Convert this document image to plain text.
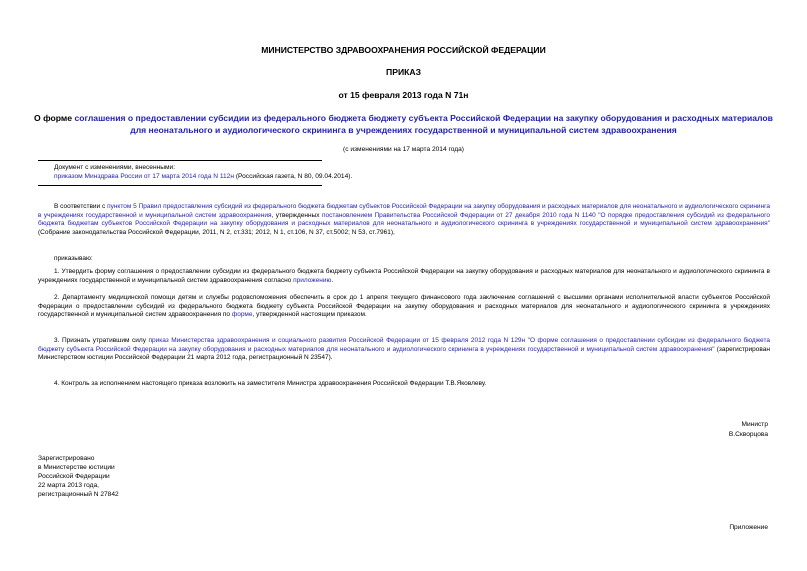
МИНИСТЕРСТВО ЗДРАВООХРАНЕНИЯ РОССИЙСКОЙ ФЕДЕРАЦИИ
ПРИКАЗ
от 15 февраля 2013 года N 71н
О форме соглашения о предоставлении субсидии из федерального бюджета бюджету субъекта Российской Федерации на закупку оборудования и расходных материалов для неонатального и аудиологического скрининга в учреждениях государственной и муниципальной систем здравоохранения
(с изменениями на 17 марта 2014 года)
Документ с изменениями, внесенными:
приказом Минздрава России от 17 марта 2014 года N 112н (Российская газета, N 80, 09.04.2014).
В соответствии с пунктом 5 Правил предоставления субсидий из федерального бюджета бюджетам субъектов Российской Федерации на закупку оборудования и расходных материалов для неонатального и аудиологического скрининга в учреждениях государственной и муниципальной систем здравоохранения, утвержденных постановлением Правительства Российской Федерации от 27 декабря 2010 года N 1140 "О порядке предоставления субсидий из федерального бюджета бюджетам субъектов Российской Федерации на закупку оборудования и расходных материалов для неонатального и аудиологического скрининга в учреждениях государственной и муниципальной систем здравоохранения" (Собрание законодательства Российской Федерации, 2011, N 2, ст.331; 2012, N 1, ст.106, N 37, ст.5002; N 53, ст.7961),
приказываю:
1. Утвердить форму соглашения о предоставлении субсидии из федерального бюджета бюджету субъекта Российской Федерации на закупку оборудования и расходных материалов для неонатального и аудиологического скрининга в учреждениях государственной и муниципальной систем здравоохранения согласно приложению.
2. Департаменту медицинской помощи детям и службы родовспоможения обеспечить в срок до 1 апреля текущего финансового года заключение соглашений с высшими органами исполнительной власти субъектов Российской Федерации о предоставлении субсидий из федерального бюджета бюджету субъекта Российской Федерации на закупку оборудования и расходных материалов для неонатального и аудиологического скрининга в учреждениях государственной и муниципальной систем здравоохранения по форме, утвержденной настоящим приказом.
3. Признать утратившим силу приказ Министерства здравоохранения и социального развития Российской Федерации от 15 февраля 2012 года N 129н "О форме соглашения о предоставлении субсидии из федерального бюджета бюджету субъекта Российской Федерации на закупку оборудования и расходных материалов для неонатального и аудиологического скрининга в учреждениях государственной и муниципальной систем здравоохранения" (зарегистрирован Министерством юстиции Российской Федерации 21 марта 2012 года, регистрационный N 23547).
4. Контроль за исполнением настоящего приказа возложить на заместителя Министра здравоохранения Российской Федерации Т.В.Яковлеву.
Министр
В.Скворцова
Зарегистрировано
в Министерстве юстиции
Российской Федерации
22 марта 2013 года,
регистрационный N 27842
Приложение
